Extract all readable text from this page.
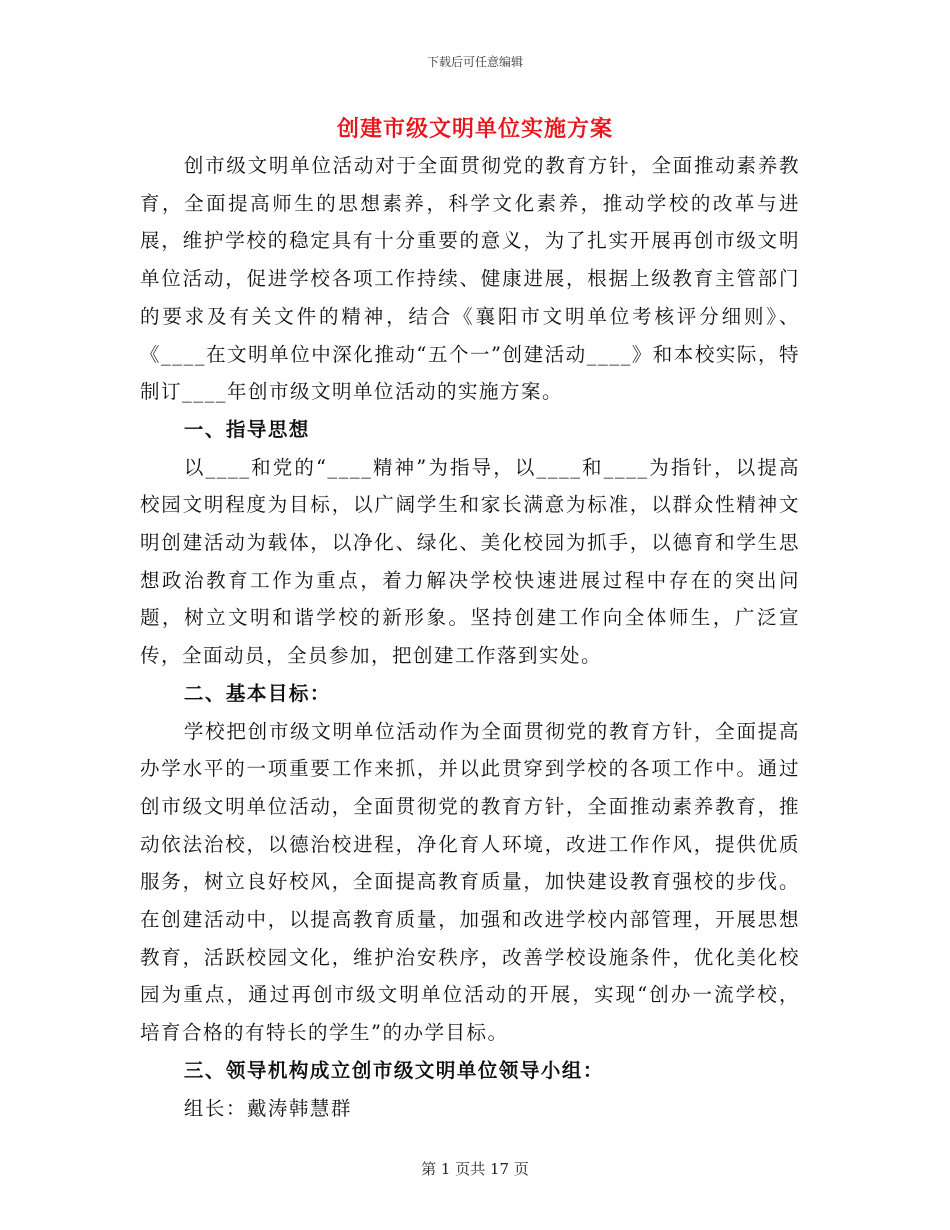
下载后可任意编辑
创建市级文明单位实施方案

创市级文明单位活动对于全面贯彻党的教育方针，全面推动素养教育，全面提高师生的思想素养，科学文化素养，推动学校的改革与进展，维护学校的稳定具有十分重要的意义，为了扎实开展再创市级文明单位活动，促进学校各项工作持续、健康进展，根据上级教育主管部门的要求及有关文件的精神，结合《襄阳市文明单位考核评分细则》、《____在文明单位中深化推动“五个一”创建活动____》和本校实际，特制订____年创市级文明单位活动的实施方案。

一、指导思想

以____和党的“____精神”为指导，以____和____为指针，以提高校园文明程度为目标，以广阔学生和家长满意为标准，以群众性精神文明创建活动为载体，以净化、绿化、美化校园为抓手，以德育和学生思想政治教育工作为重点，着力解决学校快速进展过程中存在的突出问题，树立文明和谐学校的新形象。坚持创建工作向全体师生，广泛宣传，全面动员，全员参加，把创建工作落到实处。

二、基本目标：

学校把创市级文明单位活动作为全面贯彻党的教育方针，全面提高办学水平的一项重要工作来抓，并以此贯穿到学校的各项工作中。通过创市级文明单位活动，全面贯彻党的教育方针，全面推动素养教育，推动依法治校，以德治校进程，净化育人环境，改进工作作风，提供优质服务，树立良好校风，全面提高教育质量，加快建设教育强校的步伐。在创建活动中，以提高教育质量，加强和改进学校内部管理，开展思想教育，活跃校园文化，维护治安秩序，改善学校设施条件，优化美化校园为重点，通过再创市级文明单位活动的开展，实现“创办一流学校，培育合格的有特长的学生”的办学目标。

三、领导机构成立创市级文明单位领导小组：

组长：戴涛韩慧群

第 1 页共 17 页
